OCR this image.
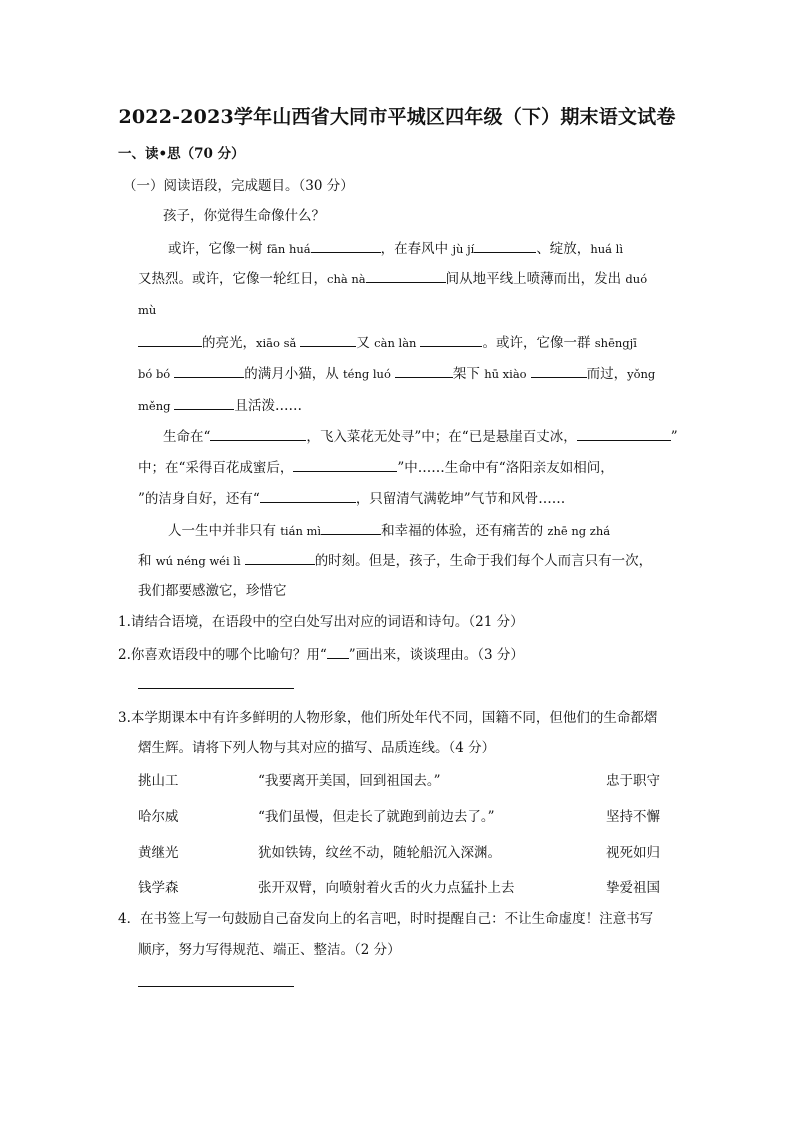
2022-2023学年山西省大同市平城区四年级（下）期末语文试卷
一、读•思（70 分）
（一）阅读语段，完成题目。（30 分）
孩子，你觉得生命像什么？
或许，它像一树 fān huá	，在春风中 jù jí	、绽放，huá lì
又热烈。或许，它像一轮红日，chà nà	间从地平线上喷薄而出，发出 duó
mù
的亮光，xiāo sǎ	又 càn làn	。或许，它像一群 shēngjī
bó bó	的满月小猫，从 téng luó	架下 hū xiào	而过，yǒng
měng	且活泼……
生命在“	，飞入菜花无处寻”中；在“已是悬崖百丈冰，	”
中；在“采得百花成蜜后，	”中……生命中有“洛阳亲友如相问，
”的洁身自好，还有“	，只留清气满乾坤”气节和风骨……
人一生中并非只有 tián mì	和幸福的体验，还有痛苦的 zhē ng zhá
和 wú néng wéi lì	的时刻。但是，孩子，生命于我们每个人而言只有一次，
我们都要感激它，珍惜它
1.请结合语境，在语段中的空白处写出对应的词语和诗句。（21 分）
2.你喜欢语段中的哪个比喻句？用“ ”画出来，谈谈理由。（3 分）
3.本学期课本中有许多鲜明的人物形象，他们所处年代不同，国籍不同，但他们的生命都熠
熠生辉。请将下列人物与其对应的描写、品质连线。（4 分）
挑山工	“我要离开美国，回到祖国去。”	忠于职守
哈尔威	“我们虽慢，但走长了就跑到前边去了。”	坚持不懈
黄继光	犹如铁铸，纹丝不动，随轮船沉入深渊。	视死如归
钱学森	张开双臂，向喷射着火舌的火力点猛扑上去	挚爱祖国
4．在书签上写一句鼓励自己奋发向上的名言吧，时时提醒自己：不让生命虚度！注意书写
顺序，努力写得规范、端正、整洁。（2 分）
